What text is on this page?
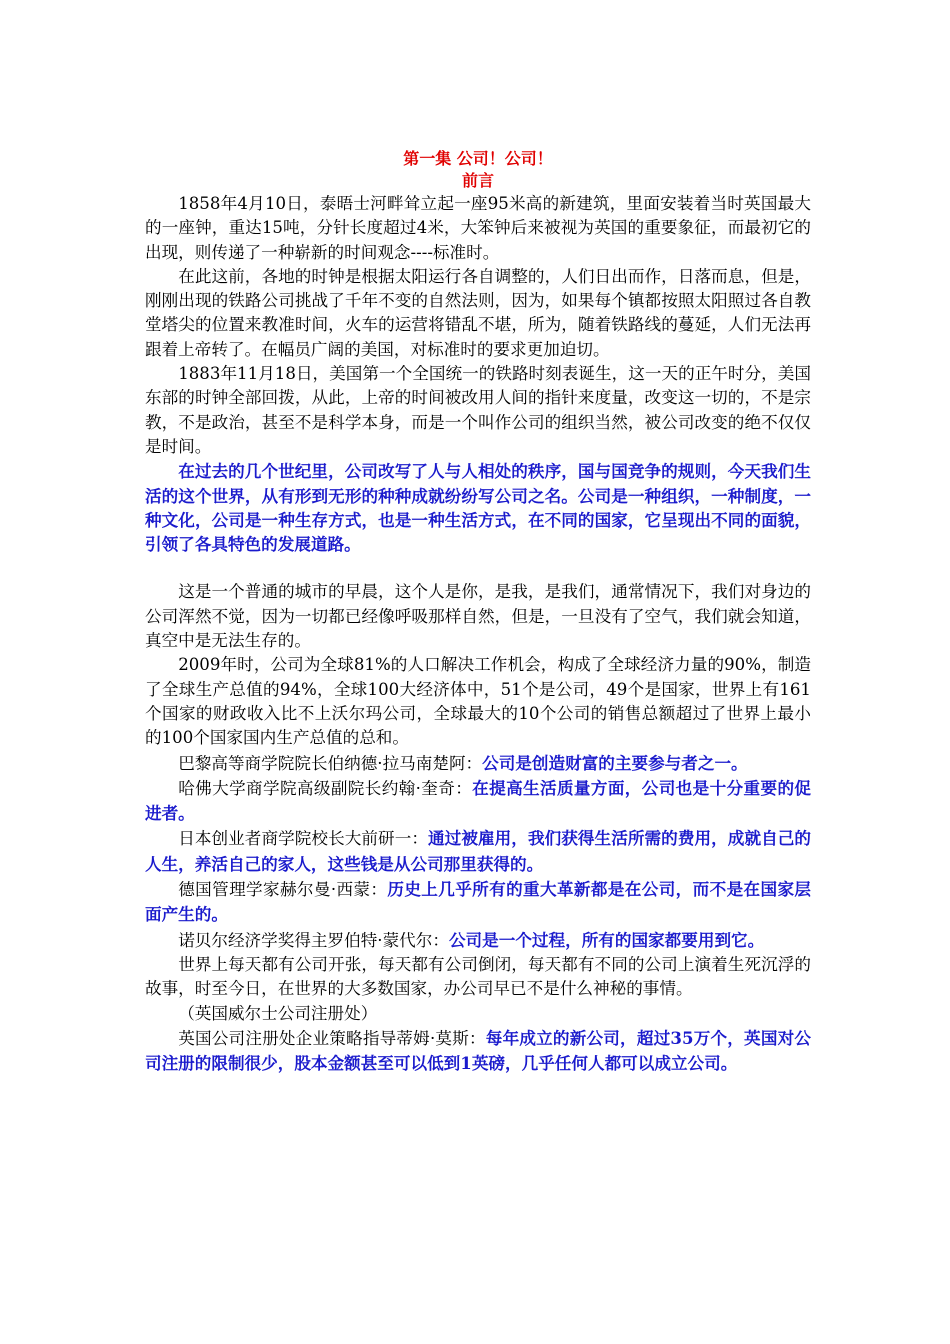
第一集 公司！公司！
前言

1858年4月10日，泰晤士河畔耸立起一座95米高的新建筑，里面安装着当时英国最大的一座钟，重达15吨，分针长度超过4米，大笨钟后来被视为英国的重要象征，而最初它的出现，则传递了一种崭新的时间观念----标准时。

在此这前，各地的时钟是根据太阳运行各自调整的，人们日出而作，日落而息，但是，刚刚出现的铁路公司挑战了千年不变的自然法则，因为，如果每个镇都按照太阳照过各自教堂塔尖的位置来教准时间，火车的运营将错乱不堪，所为，随着铁路线的蔓延，人们无法再跟着上帝转了。在幅员广阔的美国，对标准时的要求更加迫切。

1883年11月18日，美国第一个全国统一的铁路时刻表诞生，这一天的正午时分，美国东部的时钟全部回拨，从此，上帝的时间被改用人间的指针来度量，改变这一切的，不是宗教，不是政治，甚至不是科学本身，而是一个叫作公司的组织当然，被公司改变的绝不仅仅是时间。

在过去的几个世纪里，公司改写了人与人相处的秩序，国与国竞争的规则，今天我们生活的这个世界，从有形到无形的种种成就纷纷写公司之名。公司是一种组织，一种制度，一种文化，公司是一种生存方式，也是一种生活方式，在不同的国家，它呈现出不同的面貌，引领了各具特色的发展道路。

这是一个普通的城市的早晨，这个人是你，是我，是我们，通常情况下，我们对身边的公司浑然不觉，因为一切都已经像呼吸那样自然，但是，一旦没有了空气，我们就会知道，真空中是无法生存的。

2009年时，公司为全球81%的人口解决工作机会，构成了全球经济力量的90%，制造了全球生产总值的94%，全球100大经济体中，51个是公司，49个是国家，世界上有161个国家的财政收入比不上沃尔玛公司，全球最大的10个公司的销售总额超过了世界上最小的100个国家国内生产总值的总和。

巴黎高等商学院院长伯纳德·拉马南楚阿：公司是创造财富的主要参与者之一。

哈佛大学商学院高级副院长约翰·奎奇：在提高生活质量方面，公司也是十分重要的促进者。

日本创业者商学院校长大前研一：通过被雇用，我们获得生活所需的费用，成就自己的人生，养活自己的家人，这些钱是从公司那里获得的。

德国管理学家赫尔曼·西蒙：历史上几乎所有的重大革新都是在公司，而不是在国家层面产生的。

诺贝尔经济学奖得主罗伯特·蒙代尔：公司是一个过程，所有的国家都要用到它。

世界上每天都有公司开张，每天都有公司倒闭，每天都有不同的公司上演着生死沉浮的故事，时至今日，在世界的大多数国家，办公司早已不是什么神秘的事情。

（英国威尔士公司注册处）

英国公司注册处企业策略指导蒂姆·莫斯：每年成立的新公司，超过35万个，英国对公司注册的限制很少，股本金额甚至可以低到1英磅，几乎任何人都可以成立公司。
